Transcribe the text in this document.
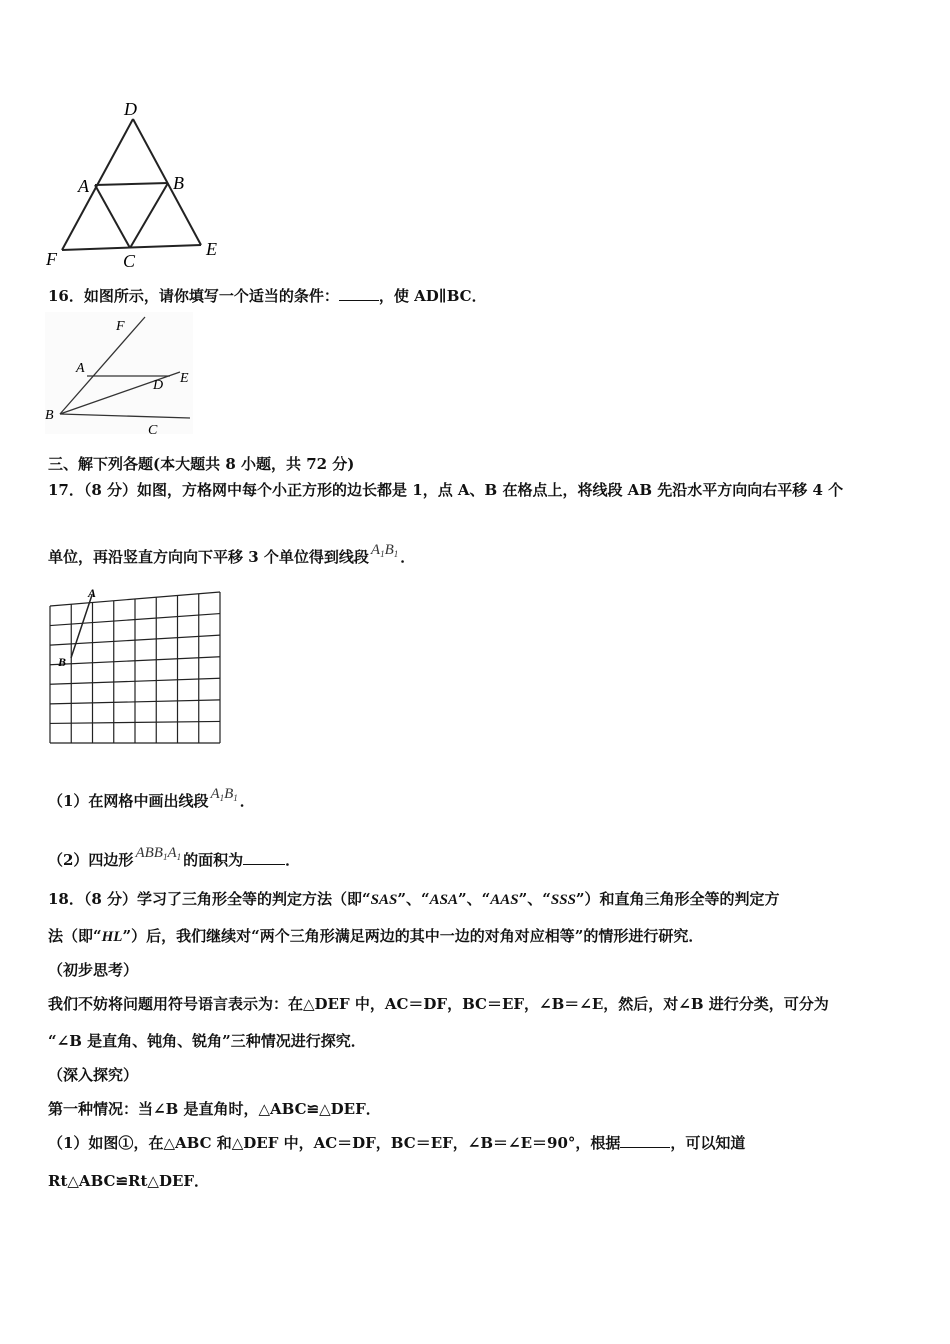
D
A	B
F	C
E
16．如图所示，请你填写一个适当的条件：	，使 AD∥BC．
F
A
E
D
B
C
三、解下列各题(本大题共 8 小题，共 72 分)
17．（8 分）如图，方格网中每个小正方形的边长都是 1，点 A、B 在格点上，将线段 AB 先沿水平方向向右平移 4 个
单位，再沿竖直方向向下平移 3 个单位得到线段 $A_1B_1$ ．
A
B
（1）在网格中画出线段 $A_1B_1$ ．
（2）四边形 $ABB_1A_1$ 的面积为	．
18．（8 分）学习了三角形全等的判定方法（即“SAS”、“ASA”、“AAS”、“SSS”）和直角三角形全等的判定方
法（即“HL”）后，我们继续对“两个三角形满足两边的其中一边的对角对应相等”的情形进行研究．
（初步思考）
我们不妨将问题用符号语言表示为：在△DEF 中，AC＝DF，BC＝EF，∠B＝∠E，然后，对∠B 进行分类，可分为
“∠B 是直角、钝角、锐角”三种情况进行探究．
（深入探究）
第一种情况：当∠B 是直角时，△ABC≌△DEF．
（1）如图①，在△ABC 和△DEF 中，AC＝DF，BC＝EF，∠B＝∠E＝90°，根据	，可以知道
Rt△ABC≌Rt△DEF．
